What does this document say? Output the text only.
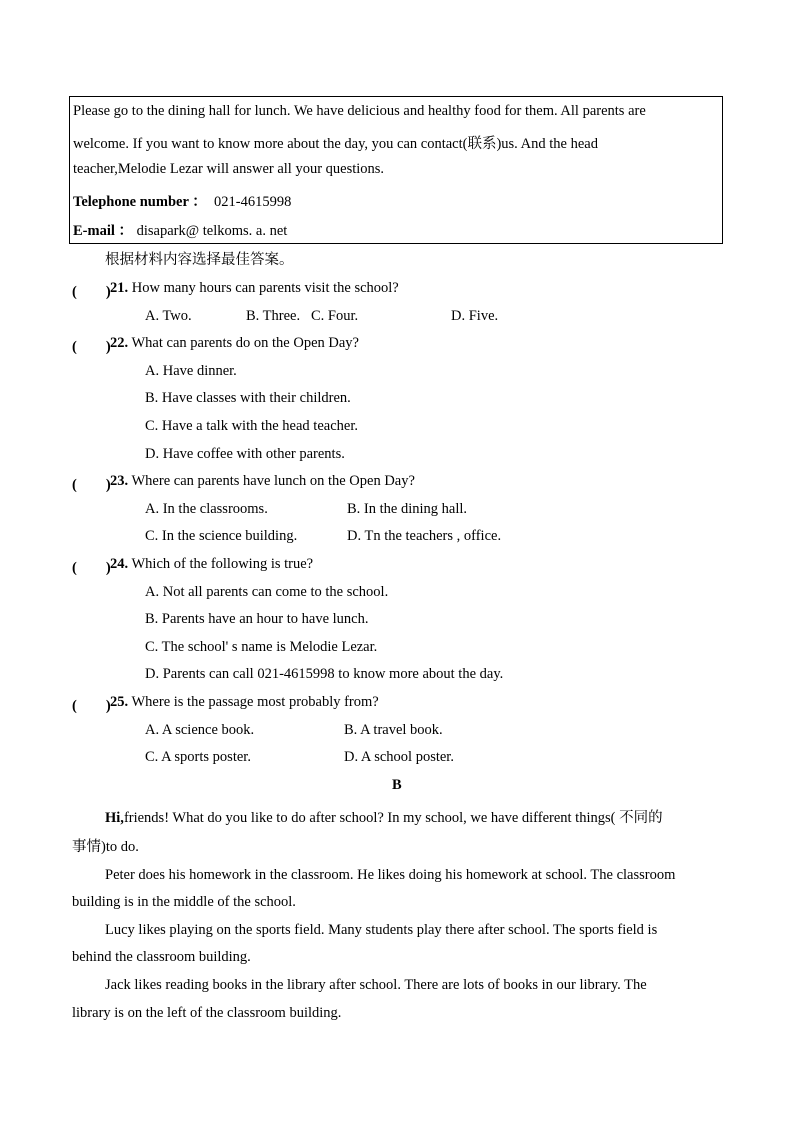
Please go to the dining hall for lunch. We have delicious and healthy food for them. All parents are
welcome. If you want to know more about the day, you can contact(联系)us. And the head
teacher,Melodie Lezar will answer all your questions.
Telephone number ： 021-4615998
E-mail ： disapark@ telkoms. a. net
根据材料内容选择最佳答案。
(　　) 21. How many hours can parents visit the school?
A. Two.	B. Three. C. Four.	D. Five.
(　　) 22. What can parents do on the Open Day?
A. Have dinner.
B. Have classes with their children.
C. Have a talk with the head teacher.
D. Have coffee with other parents.
(　　) 23. Where can parents have lunch on the Open Day?
A. In the classrooms.	B. In the dining hall.
C. In the science building.	D. Tn the teachers , office.
(　　) 24. Which of the following is true?
A. Not all parents can come to the school.
B. Parents have an hour to have lunch.
C. The school' s name is Melodie Lezar.
D. Parents can call 021-4615998 to know more about the day.
(　　) 25. Where is the passage most probably from?
A. A science book.	B. A travel book.
C. A sports poster.	D. A school poster.
B
Hi,friends! What do you like to do after school? In my school, we have different things( 不同的
事情)to do.
Peter does his homework in the classroom. He likes doing his homework at school. The classroom
building is in the middle of the school.
Lucy likes playing on the sports field. Many students play there after school. The sports field is
behind the classroom building.
Jack likes reading books in the library after school. There are lots of books in our library. The
library is on the left of the classroom building.
